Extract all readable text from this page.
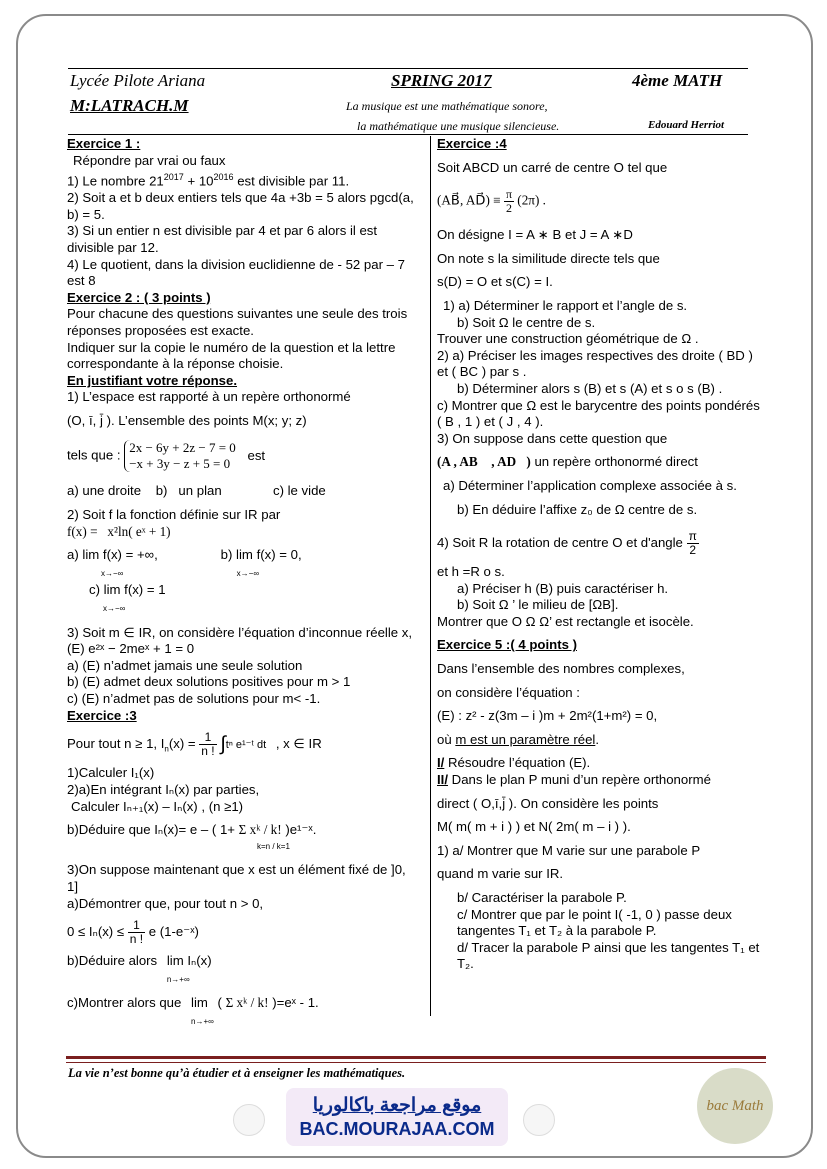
Lycée Pilote Ariana	SPRING 2017	4ème MATH
M:LATRACH.M	La musique est une mathématique sonore,
la mathématique une musique silencieuse.	Edouard Herriot

Exercice 1 :

Répondre par vrai ou faux

1) Le nombre $21^{2017} + 10^{2016}$ est divisible par 11.

2) Soit a et b deux entiers tels que 4a +3b = 5 alors pgcd(a, b) = 5.

3) Si un entier n est divisible par 4 et par 6 alors il est divisible par 12.

4) Le quotient, dans la division euclidienne de - 52 par – 7 est 8

Exercice 2 : ( 3 points )

Pour chacune des questions suivantes une seule des trois réponses proposées est exacte.

Indiquer sur la copie le numéro de la question et la lettre correspondante à la réponse choisie.

En justifiant votre réponse.

1) L’espace est rapporté à un repère orthonormé

(O, ī, j̄ ). L’ensemble des points M(x; y; z)

tels que : 2x − 6y + 2z − 7 = 0
−x + 3y − z + 5 = 0 est

a) une droite    b)   un plan              c) le vide

2) Soit f la fonction définie sur IR par

f(x) =   x²ln( eˣ + 1)

a) lim f(x) = +∞,
x→−∞ b) lim f(x) = 0,
x→−∞

c) lim f(x) = 1
x→−∞

3) Soit m ∈ IR, on considère l’équation d’inconnue réelle x, (E) e²ˣ − 2meˣ + 1 = 0

a) (E) n’admet jamais une seule solution

b) (E) admet deux solutions positives pour m > 1

c) (E) n’admet pas de solutions pour m< -1.

Exercice :3

Pour tout n ≥ 1, $I_n(x) = \frac{1}{n !} \int t^n$ e¹⁻ᵗ dt , x ∈ IR

1)Calculer I₁(x)

2)a)En intégrant Iₙ(x) par parties,

Calculer Iₙ₊₁(x) – Iₙ(x) , (n ≥1)

b)Déduire que Iₙ(x)= e – ( 1+ Σ xᵏ / k! )e¹⁻ˣ.

k=n / k=1

3)On suppose maintenant que x est un élément fixé de ]0, 1]

a)Démontrer que, pour tout n > 0,

$0 \le I_n(x) \le \frac{1}{n !}$ e (1-e⁻ˣ)

b)Déduire alors lim Iₙ(x)
n→+∞

c)Montrer alors que lim
n→+∞ ( Σ xᵏ / k! )=eˣ - 1.

Exercice :4

Soit ABCD un carré de centre O tel que

(AB⃗, AD⃗) ≡ $\frac{\pi}{2} (2\pi)$ .

On désigne I = A ∗ B et J = A ∗D

On note s la similitude directe tels que

s(D) = O et s(C) = I.

1) a) Déterminer le rapport et l’angle de s.

b) Soit Ω le centre de s.

Trouver une construction géométrique de Ω .

2) a) Préciser les images respectives des droite ( BD ) et ( BC ) par s .

b) Déterminer alors s (B) et s (A) et s o s (B) .

c) Montrer que Ω est le barycentre des points pondérés ( B , 1 ) et ( J , 4 ).

3) On suppose dans cette question que

(A , AB⃗ , AD⃗) un repère orthonormé direct

a) Déterminer l’application complexe associée à s.

b) En déduire l’affixe z₀ de Ω centre de s.

4) Soit R la rotation de centre O et d'angle $\frac{\pi}{2}$

et h =R o s.

a) Préciser h (B) puis caractériser h.

b) Soit Ω ’ le milieu de [ΩB].

Montrer que O Ω Ω’ est rectangle et isocèle.

Exercice 5 :( 4 points )

Dans l’ensemble des nombres complexes,

on considère l’équation :

(E) : z² - z(3m – i )m + 2m²(1+m²) = 0,

où m est un paramètre réel.

I/ Résoudre l’équation (E).

II/ Dans le plan P muni d’un repère orthonormé

direct ( O,ī,j̄ ). On considère les points

M( m( m + i ) ) et N( 2m( m – i ) ).

1) a/ Montrer que M varie sur une parabole P

quand m varie sur IR.

b/ Caractériser la parabole P.

c/ Montrer que par le point I( -1, 0 ) passe deux tangentes T₁ et T₂ à la parabole P.

d/ Tracer la parabole P ainsi que les tangentes T₁ et T₂.

La vie n’est bonne qu’à étudier et à enseigner les mathématiques.
موقع مراجعة باكالوريا
BAC.MOURAJAA.COM
bac Math
